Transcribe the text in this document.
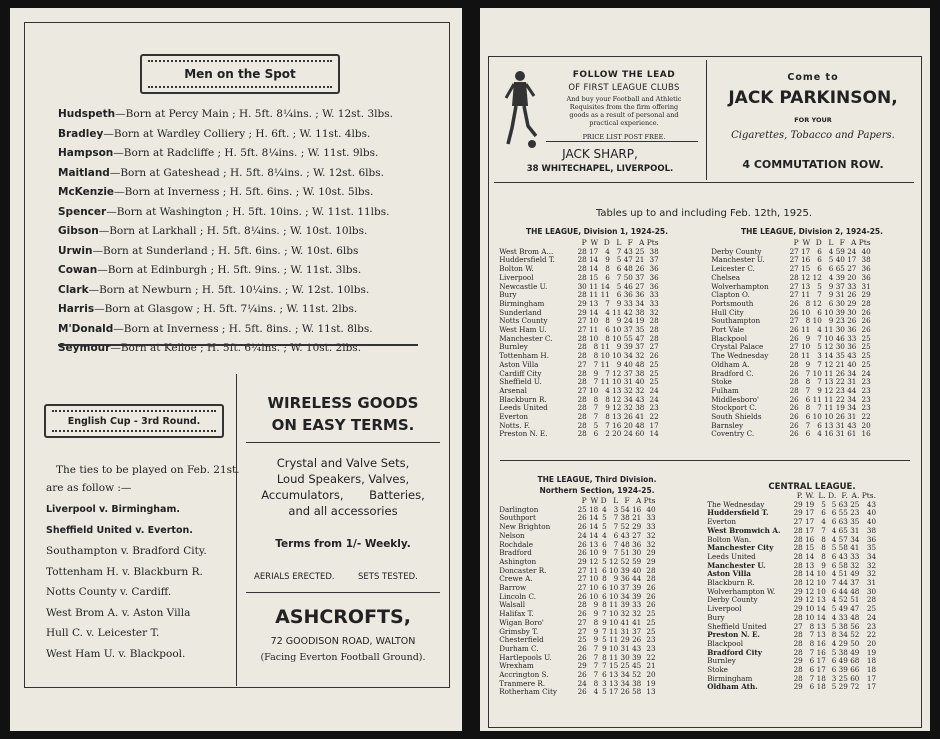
Men on the Spot
Hudspeth—Born at Percy Main ; H. 5ft. 8¼ins. ; W. 12st. 3lbs.
Bradley—Born at Wardley Colliery ; H. 6ft. ; W. 11st. 4lbs.
Hampson—Born at Radcliffe ; H. 5ft. 8¼ins. ; W. 11st. 9lbs.
Maitland—Born at Gateshead ; H. 5ft. 8¼ins. ; W. 12st. 6lbs.
McKenzie—Born at Inverness ; H. 5ft. 6ins. ; W. 10st. 5lbs.
Spencer—Born at Washington ; H. 5ft. 10ins. ; W. 11st. 11lbs.
Gibson—Born at Larkhall ; H. 5ft. 8¼ins. ; W. 10st. 10lbs.
Urwin—Born at Sunderland ; H. 5ft. 6ins. ; W. 10st. 6lbs
Cowan—Born at Edinburgh ; H. 5ft. 9ins. ; W. 11st. 3lbs.
Clark—Born at Newburn ; H. 5ft. 10¼ins. ; W. 12st. 10lbs.
Harris—Born at Glasgow ; H. 5ft. 7¼ins. ; W. 11st. 2lbs.
M'Donald—Born at Inverness ; H. 5ft. 8ins. ; W. 11st. 8lbs.
Seymour—Born at Kelloe ; H. 5ft. 6¼ins. ; W. 10st. 2lbs.
English Cup - 3rd Round.
The ties to be played on Feb. 21st.
are as follow :—
Liverpool v. Birmingham.
Sheffield United v. Everton.
Southampton v. Bradford City.
Tottenham H. v. Blackburn R.
Notts County v. Cardiff.
West Brom A. v. Aston Villa
Hull C. v. Leicester T.
West Ham U. v. Blackpool.
WIRELESS GOODS
ON EASY TERMS.
Crystal and Valve Sets,
Loud Speakers, Valves,
Accumulators,       Batteries,
and all accessories
Terms from 1/- Weekly.
AERIALS ERECTED.	SETS TESTED.
ASHCROFTS,
72 GOODISON ROAD, WALTON
(Facing Everton Football Ground).
FOLLOW THE LEAD
OF FIRST LEAGUE CLUBS
And buy your Football and Athletic
Requisites from the firm offering
goods as a result of personal and
practical experience.
PRICE LIST POST FREE.
JACK SHARP,
38 WHITECHAPEL, LIVERPOOL.
Come to
JACK PARKINSON,
FOR YOUR
Cigarettes, Tobacco and Papers.
4 COMMUTATION ROW.
Tables up to and including Feb. 12th, 1925.
THE LEAGUE, Division 1, 1924-25.
	P	W	D	L	F	A	Pts
West Brom A...	28	17	4	7	43	25	38
Huddersfield T.	28	14	9	5	47	21	37
Bolton W.	28	14	8	6	48	26	36
Liverpool	28	15	6	7	50	37	36
Newcastle U.	30	11	14	5	46	27	36
Bury	28	11	11	6	36	36	33
Birmingham	29	13	7	9	33	34	33
Sunderland	29	14	4	11	42	38	32
Notts County	27	10	8	9	24	19	28
West Ham U.	27	11	6	10	37	35	28
Manchester C.	28	10	8	10	55	47	28
Burnley	28	8	11	9	39	37	27
Tottenham H.	28	8	10	10	34	32	26
Aston Villa	27	7	11	9	40	48	25
Cardiff City	28	9	7	12	37	38	25
Sheffield U.	28	7	11	10	31	40	25
Arsenal	27	10	4	13	32	32	24
Blackburn R.	28	8	8	12	34	43	24
Leeds United	28	7	9	12	32	38	23
Everton	28	7	8	13	26	41	22
Notts. F.	28	5	7	16	20	48	17
Preston N. E.	28	6	2	20	24	60	14
THE LEAGUE, Division 2, 1924-25.
	P	W	D	L	F	A	Pts
Derby County	27	17	6	4	59	24	40
Manchester U.	27	16	6	5	40	17	38
Leicester C.	27	15	6	6	65	27	36
Chelsea	28	12	12	4	39	20	36
Wolverhampton	27	13	5	9	37	33	31
Clapton O.	27	11	7	9	31	26	29
Portsmouth	26	8	12	6	30	29	28
Hull City	26	10	6	10	39	30	26
Southampton	27	8	10	9	23	26	26
Port Vale	26	11	4	11	30	36	26
Blackpool	26	9	7	10	46	33	25
Crystal Palace	27	10	5	12	30	36	25
The Wednesday	28	11	3	14	35	43	25
Oldham A.	28	9	7	12	21	40	25
Bradford C.	26	7	10	11	26	34	24
Stoke	28	8	7	13	22	31	23
Fulham	28	7	9	12	23	44	23
Middlesboro'	26	6	11	11	22	34	23
Stockport C.	26	8	7	11	19	34	23
South Shields	26	6	10	10	26	31	22
Barnsley	26	7	6	13	31	43	20
Coventry C.	26	6	4	16	31	61	16
THE LEAGUE, Third Division.
Northern Section, 1924-25.
	P	W	D	L	F	A	Pts
Darlington	25	18	4	3	54	16	40
Southport	26	14	5	7	38	21	33
New Brighton	26	14	5	7	52	29	33
Nelson	24	14	4	6	43	27	32
Rochdale	26	13	6	7	48	36	32
Bradford	26	10	9	7	51	30	29
Ashington	29	12	5	12	52	59	29
Doncaster R.	27	11	6	10	39	40	28
Crewe A.	27	10	8	9	36	44	28
Barrow	27	10	6	10	37	39	26
Lincoln C.	26	10	6	10	34	39	26
Walsall	28	9	8	11	39	33	26
Halifax T.	26	9	7	10	32	32	25
Wigan Boro'	27	8	9	10	41	41	25
Grimsby T.	27	9	7	11	31	37	25
Chesterfield	25	9	5	11	29	26	23
Durham C.	26	7	9	10	31	43	23
Hartlepools U.	26	7	8	11	30	39	22
Wrexham	29	7	7	15	25	45	21
Accrington S.	26	7	6	13	34	52	20
Tranmere R.	24	8	3	13	34	38	19
Rotherham City	26	4	5	17	26	58	13
CENTRAL LEAGUE.
	P.	W.	L.	D.	F.	A.	Pts.
The Wednesday	29	19	5	5	63	25	43
Huddersfield T.	29	17	6	6	55	23	40
Everton	27	17	4	6	63	35	40
West Bromwich A.	28	17	7	4	65	31	38
Bolton Wan.	28	16	8	4	57	34	36
Manchester City	28	15	8	5	58	41	35
Leeds United	28	14	8	6	43	33	34
Manchester U.	28	13	9	6	58	32	32
Aston Villa	28	14	10	4	51	49	32
Blackburn R.	28	12	10	7	44	37	31
Wolverhampton W.	29	12	10	6	44	48	30
Derby County	29	12	13	4	52	51	28
Liverpool	29	10	14	5	49	47	25
Bury	28	10	14	4	33	48	24
Sheffield United	27	8	13	5	38	56	23
Preston N. E.	28	7	13	8	34	52	22
Blackpool	28	8	16	4	29	50	20
Bradford City	28	7	16	5	38	49	19
Burnley	29	6	17	6	49	68	18
Stoke	28	6	17	6	39	66	18
Birmingham	28	7	18	3	25	60	17
Oldham Ath.	29	6	18	5	29	72	17
